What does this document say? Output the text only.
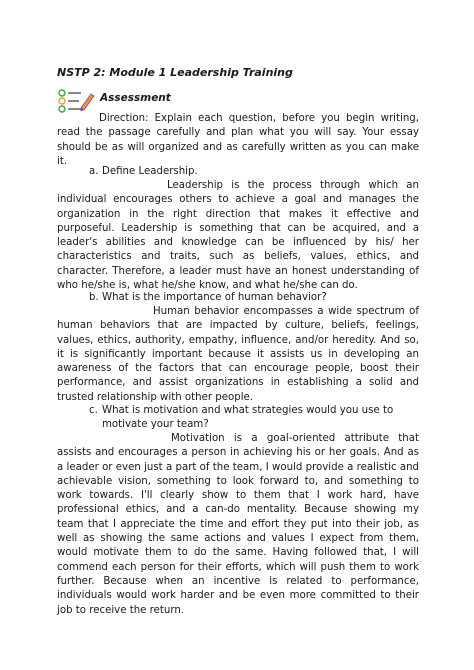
NSTP 2: Module 1 Leadership Training
Assessment

Direction: Explain each question, before you begin writing, read the passage carefully and plan what you will say. Your essay should be as will organized and as carefully written as you can make it.

a. Define Leadership.

Leadership is the process through which an individual encourages others to achieve a goal and manages the organization in the right direction that makes it effective and purposeful. Leadership is something that can be acquired, and a leader's abilities and knowledge can be influenced by his/ her characteristics and traits, such as beliefs, values, ethics, and character. Therefore, a leader must have an honest understanding of who he/she is, what he/she know, and what he/she can do.

b. What is the importance of human behavior?

Human behavior encompasses a wide spectrum of human behaviors that are impacted by culture, beliefs, feelings, values, ethics, authority, empathy, influence, and/or heredity. And so, it is significantly important because it assists us in developing an awareness of the factors that can encourage people, boost their performance, and assist organizations in establishing a solid and trusted relationship with other people.

c. What is motivation and what strategies would you use to
motivate your team?

Motivation is a goal-oriented attribute that assists and encourages a person in achieving his or her goals. And as a leader or even just a part of the team, I would provide a realistic and achievable vision, something to look forward to, and something to work towards. I'll clearly show to them that I work hard, have professional ethics, and a can-do mentality. Because showing my team that I appreciate the time and effort they put into their job, as well as showing the same actions and values I expect from them, would motivate them to do the same. Having followed that, I will commend each person for their efforts, which will push them to work further. Because when an incentive is related to performance, individuals would work harder and be even more committed to their job to receive the return.
